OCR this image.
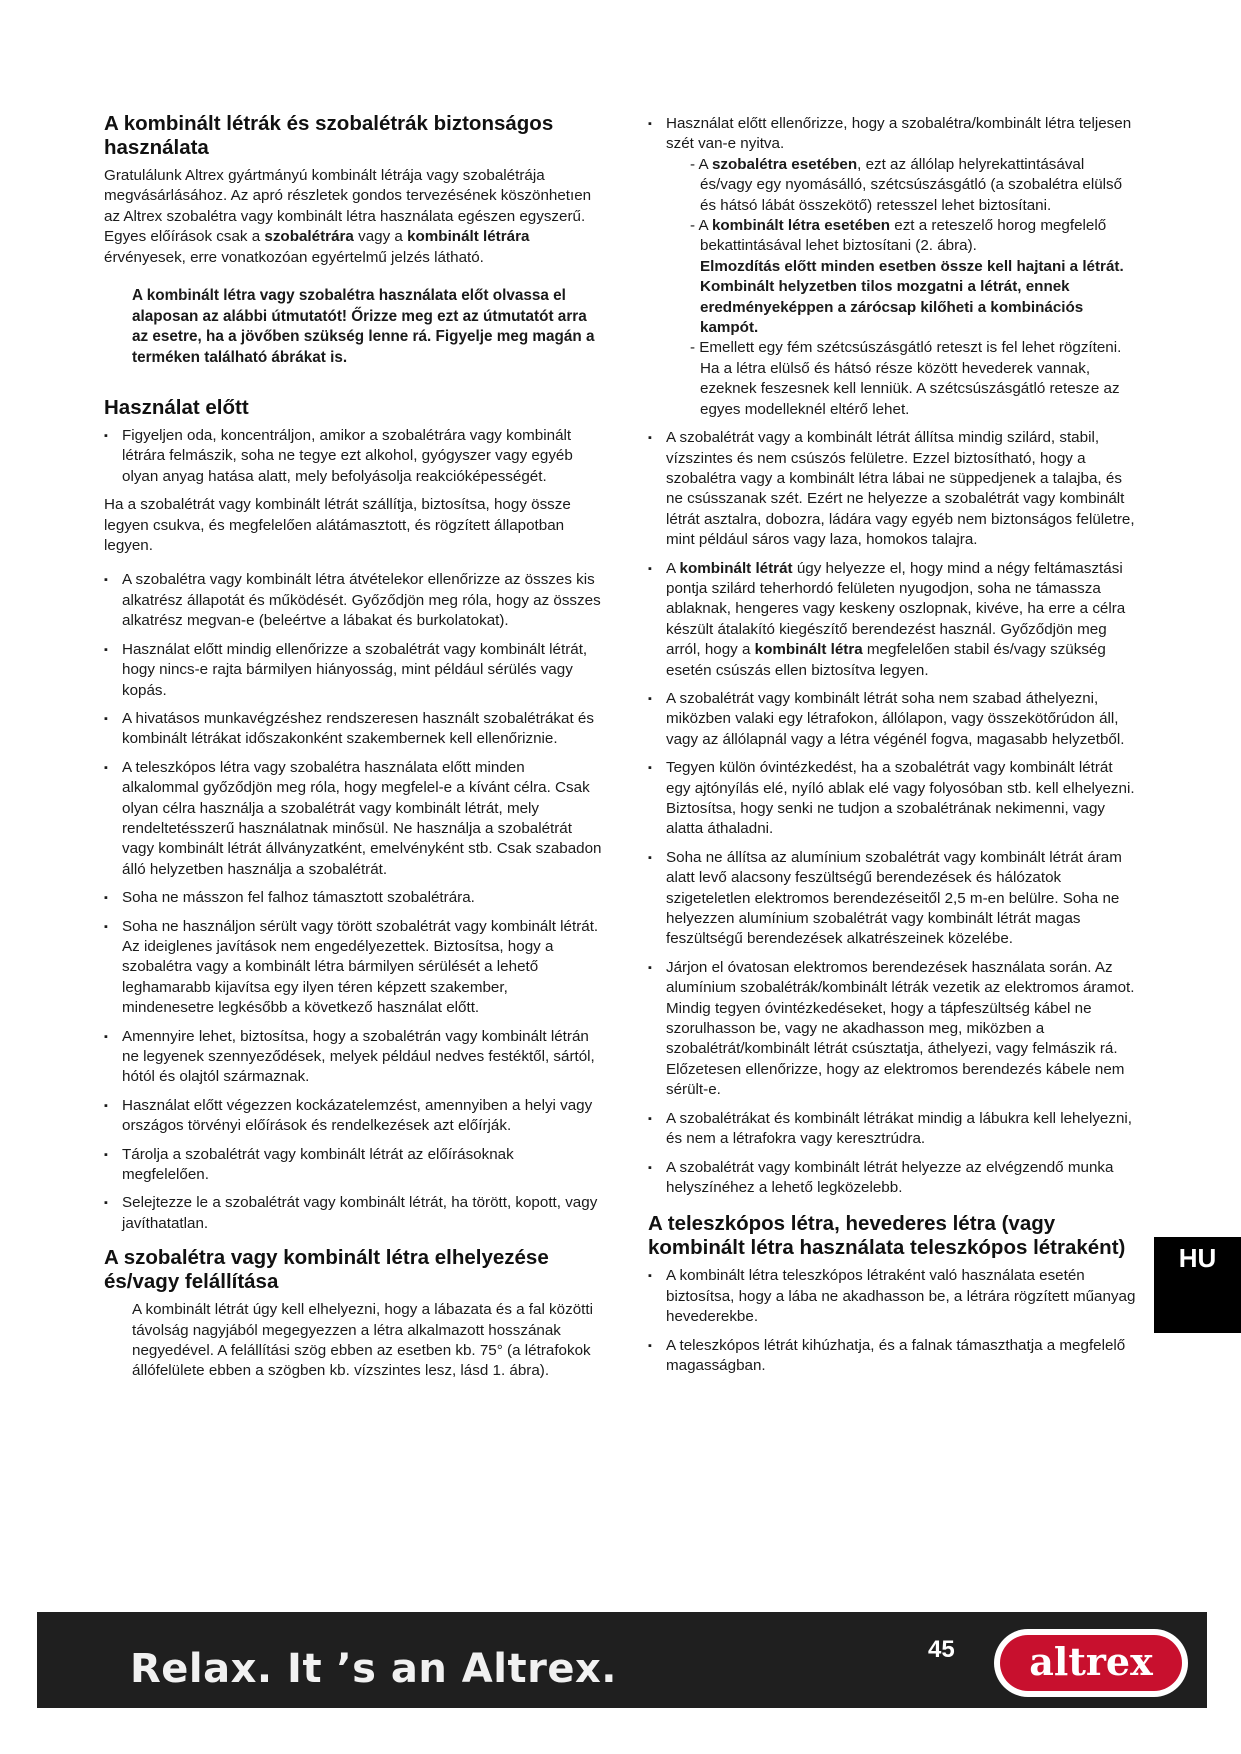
A kombinált létrák és szobalétrák biztonságos használata

Gratulálunk Altrex gyártmányú kombinált létrája vagy szobalétrája megvásárlásához. Az apró részletek gondos tervezésének köszönhetıen az Altrex szobalétra vagy kombinált létra használata egészen egyszerű. Egyes előírások csak a szobalétrára vagy a kombinált létrára érvényesek, erre vonatkozóan egyértelmű jelzés látható.

A kombinált létra vagy szobalétra használata előt olvassa el alaposan az alábbi útmutatót! Őrizze meg ezt az útmutatót arra az esetre, ha a jövőben szükség lenne rá. Figyelje meg magán a terméken található ábrákat is.
Használat előtt
▪ Figyeljen oda, koncentráljon, amikor a szobalétrára vagy kombinált létrára felmászik, soha ne tegye ezt alkohol, gyógyszer vagy egyéb olyan anyag hatása alatt, mely befolyásolja reakcióképességét.

Ha a szobalétrát vagy kombinált létrát szállítja, biztosítsa, hogy össze legyen csukva, és megfelelően alátámasztott, és rögzített állapotban legyen.

▪ A szobalétra vagy kombinált létra átvételekor ellenőrizze az összes kis alkatrész állapotát és működését. Győződjön meg róla, hogy az összes alkatrész megvan-e (beleértve a lábakat és burkolatokat).
▪ Használat előtt mindig ellenőrizze a szobalétrát vagy kombinált létrát, hogy nincs-e rajta bármilyen hiányosság, mint például sérülés vagy kopás.
▪ A hivatásos munkavégzéshez rendszeresen használt szobalétrákat és kombinált létrákat időszakonként szakembernek kell ellenőriznie.
▪ A teleszkópos létra vagy szobalétra használata előtt minden alkalommal győződjön meg róla, hogy megfelel-e a kívánt célra. Csak olyan célra használja a szobalétrát vagy kombinált létrát, mely rendeltetésszerű használatnak minősül. Ne használja a szobalétrát vagy kombinált létrát állványzatként, emelvényként stb. Csak szabadon álló helyzetben használja a szobalétrát.
▪ Soha ne másszon fel falhoz támasztott szobalétrára.
▪ Soha ne használjon sérült vagy törött szobalétrát vagy kombinált létrát. Az ideiglenes javítások nem engedélyezettek. Biztosítsa, hogy a szobalétra vagy a kombinált létra bármilyen sérülését a lehető leghamarabb kijavítsa egy ilyen téren képzett szakember, mindenesetre legkésőbb a következő használat előtt.
▪ Amennyire lehet, biztosítsa, hogy a szobalétrán vagy kombinált létrán ne legyenek szennyeződések, melyek például nedves festéktől, sártól, hótól és olajtól származnak.
▪ Használat előtt végezzen kockázatelemzést, amennyiben a helyi vagy országos törvényi előírások és rendelkezések azt előírják.
▪ Tárolja a szobalétrát vagy kombinált létrát az előírásoknak megfelelően.
▪ Selejtezze le a szobalétrát vagy kombinált létrát, ha törött, kopott, vagy javíthatatlan.
A szobalétra vagy kombinált létra elhelyezése és/vagy felállítása

A kombinált létrát úgy kell elhelyezni, hogy a lábazata és a fal közötti távolság nagyjából megegyezzen a létra alkalmazott hosszának negyedével. A felállítási szög ebben az esetben kb. 75° (a létrafokok állófelülete ebben a szögben kb. vízszintes lesz, lásd 1. ábra).

▪ Használat előtt ellenőrizze, hogy a szobalétra/kombinált létra teljesen szét van-e nyitva.
- A szobalétra esetében, ezt az állólap helyrekattintásával és/vagy egy nyomásálló, szétcsúszásgátló (a szobalétra elülső és hátsó lábát összekötő) retesszel lehet biztosítani.
- A kombinált létra esetében ezt a reteszelő horog megfelelő bekattintásával lehet biztosítani (2. ábra).
Elmozdítás előtt minden esetben össze kell hajtani a létrát. Kombinált helyzetben tilos mozgatni a létrát, ennek eredményeképpen a zárócsap kilőheti a kombinációs kampót.
- Emellett egy fém szétcsúszásgátló reteszt is fel lehet rögzíteni. Ha a létra elülső és hátsó része között hevederek vannak, ezeknek feszesnek kell lenniük. A szétcsúszásgátló retesze az egyes modelleknél eltérő lehet.
▪ A szobalétrát vagy a kombinált létrát állítsa mindig szilárd, stabil, vízszintes és nem csúszós felületre. Ezzel biztosítható, hogy a szobalétra vagy a kombinált létra lábai ne süppedjenek a talajba, és ne csússzanak szét. Ezért ne helyezze a szobalétrát vagy kombinált létrát asztalra, dobozra, ládára vagy egyéb nem biztonságos felületre, mint például sáros vagy laza, homokos talajra.
▪ A kombinált létrát úgy helyezze el, hogy mind a négy feltámasztási pontja szilárd teherhordó felületen nyugodjon, soha ne támassza ablaknak, hengeres vagy keskeny oszlopnak, kivéve, ha erre a célra készült átalakító kiegészítő berendezést használ. Győződjön meg arról, hogy a kombinált létra megfelelően stabil és/vagy szükség esetén csúszás ellen biztosítva legyen.
▪ A szobalétrát vagy kombinált létrát soha nem szabad áthelyezni, miközben valaki egy létrafokon, állólapon, vagy összekötőrúdon áll, vagy az állólapnál vagy a létra végénél fogva, magasabb helyzetből.
▪ Tegyen külön óvintézkedést, ha a szobalétrát vagy kombinált létrát egy ajtónyílás elé, nyíló ablak elé vagy folyosóban stb. kell elhelyezni. Biztosítsa, hogy senki ne tudjon a szobalétrának nekimenni, vagy alatta áthaladni.
▪ Soha ne állítsa az alumínium szobalétrát vagy kombinált létrát áram alatt levő alacsony feszültségű berendezések és hálózatok szigeteletlen elektromos berendezéseitől 2,5 m-en belülre. Soha ne helyezzen alumínium szobalétrát vagy kombinált létrát magas feszültségű berendezések alkatrészeinek közelébe.
▪ Járjon el óvatosan elektromos berendezések használata során. Az alumínium szobalétrák/kombinált létrák vezetik az elektromos áramot. Mindig tegyen óvintézkedéseket, hogy a tápfeszültség kábel ne szorulhasson be, vagy ne akadhasson meg, miközben a szobalétrát/kombinált létrát csúsztatja, áthelyezi, vagy felmászik rá. Előzetesen ellenőrizze, hogy az elektromos berendezés kábele nem sérült-e.
▪ A szobalétrákat és kombinált létrákat mindig a lábukra kell lehelyezni, és nem a létrafokra vagy keresztrúdra.
▪ A szobalétrát vagy kombinált létrát helyezze az elvégzendő munka helyszínéhez a lehető legközelebb.
A teleszkópos létra, hevederes létra (vagy kombinált létra használata teleszkópos létraként)
▪ A kombinált létra teleszkópos létraként való használata esetén biztosítsa, hogy a lába ne akadhasson be, a létrára rögzített műanyag hevederekbe.
▪ A teleszkópos létrát kihúzhatja, és a falnak támaszthatja a megfelelő magasságban.
HU
Relax. It ’s an Altrex.	45 altrex
